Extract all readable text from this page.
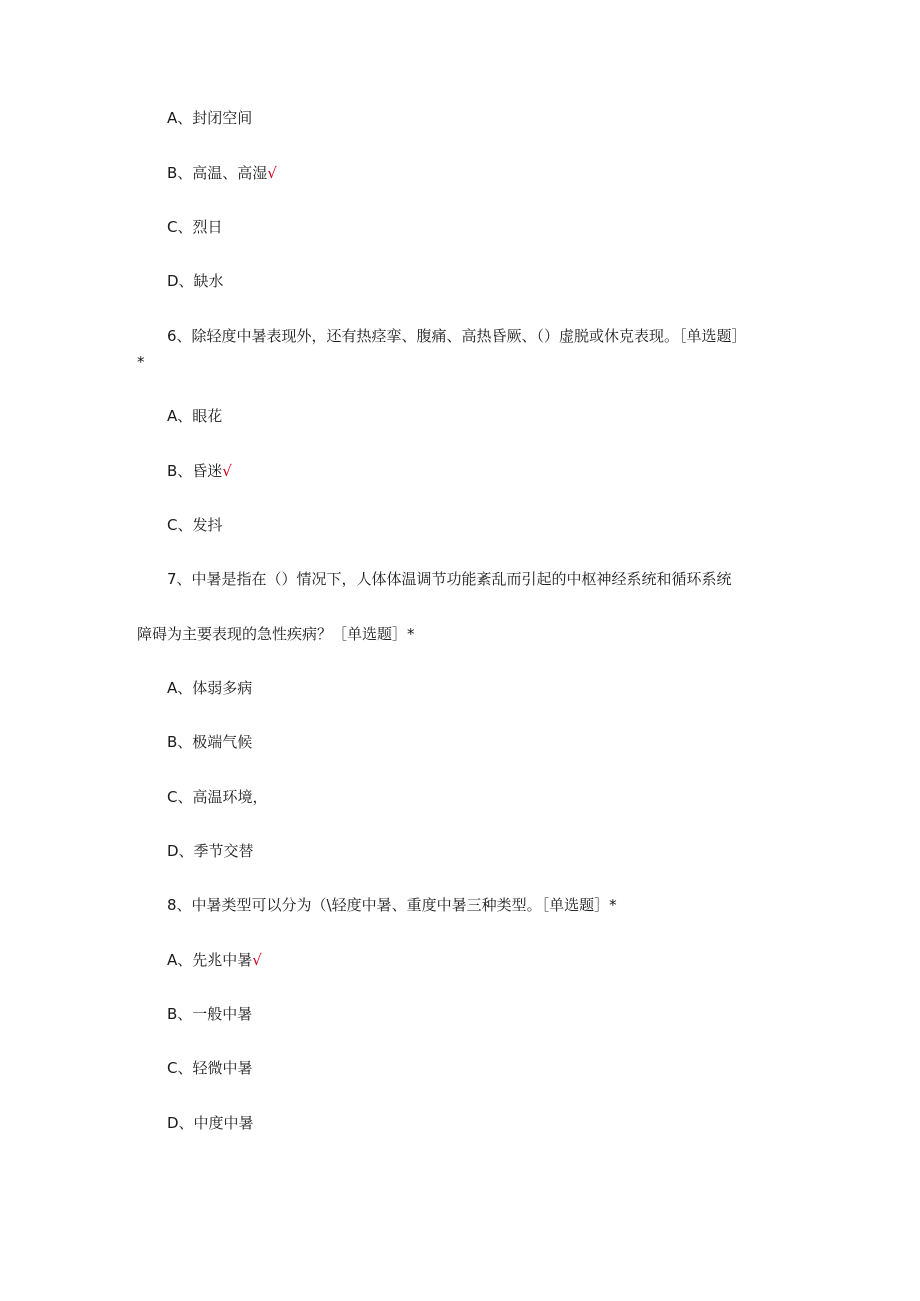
A、封闭空间
B、高温、高湿√
C、烈日
D、缺水
6、除轻度中暑表现外，还有热痉挛、腹痛、高热昏厥、（）虚脱或休克表现。［单选题］
*
A、眼花
B、昏迷√
C、发抖
7、中暑是指在（）情况下，人体体温调节功能紊乱而引起的中枢神经系统和循环系统
障碍为主要表现的急性疾病？［单选题］*
A、体弱多病
B、极端气候
C、高温环境，
D、季节交替
8、中暑类型可以分为（\轻度中暑、重度中暑三种类型。［单选题］*
A、先兆中暑√
B、一般中暑
C、轻微中暑
D、中度中暑
